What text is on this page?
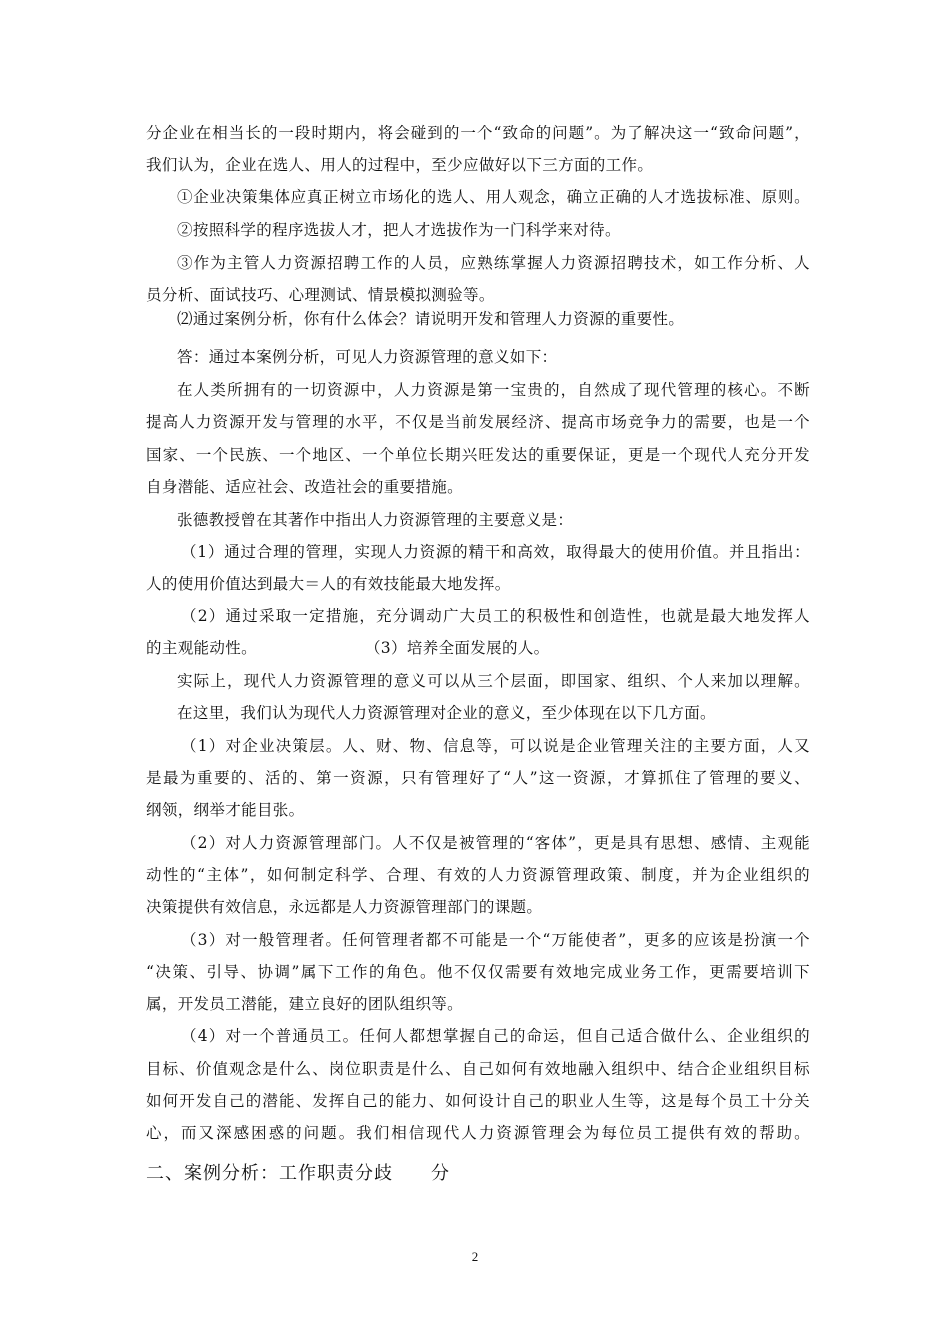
分企业在相当长的一段时期内，将会碰到的一个“致命的问题”。为了解决这一“致命问题”，
我们认为，企业在选人、用人的过程中，至少应做好以下三方面的工作。
①企业决策集体应真正树立市场化的选人、用人观念，确立正确的人才选拔标准、原则。
②按照科学的程序选拔人才，把人才选拔作为一门科学来对待。
③作为主管人力资源招聘工作的人员，应熟练掌握人力资源招聘技术，如工作分析、人
员分析、面试技巧、心理测试、情景模拟测验等。
⑵通过案例分析，你有什么体会？请说明开发和管理人力资源的重要性。
答：通过本案例分析，可见人力资源管理的意义如下：
在人类所拥有的一切资源中，人力资源是第一宝贵的，自然成了现代管理的核心。不断
提高人力资源开发与管理的水平，不仅是当前发展经济、提高市场竞争力的需要，也是一个
国家、一个民族、一个地区、一个单位长期兴旺发达的重要保证，更是一个现代人充分开发
自身潜能、适应社会、改造社会的重要措施。
张德教授曾在其著作中指出人力资源管理的主要意义是：
（1）通过合理的管理，实现人力资源的精干和高效，取得最大的使用价值。并且指出：
人的使用价值达到最大＝人的有效技能最大地发挥。
（2）通过采取一定措施，充分调动广大员工的积极性和创造性，也就是最大地发挥人
的主观能动性。	（3）培养全面发展的人。
实际上，现代人力资源管理的意义可以从三个层面，即国家、组织、个人来加以理解。
在这里，我们认为现代人力资源管理对企业的意义，至少体现在以下几方面。
（1）对企业决策层。人、财、物、信息等，可以说是企业管理关注的主要方面，人又
是最为重要的、活的、第一资源，只有管理好了“人”这一资源，才算抓住了管理的要义、
纲领，纲举才能目张。
（2）对人力资源管理部门。人不仅是被管理的“客体”，更是具有思想、感情、主观能
动性的“主体”，如何制定科学、合理、有效的人力资源管理政策、制度，并为企业组织的
决策提供有效信息，永远都是人力资源管理部门的课题。
（3）对一般管理者。任何管理者都不可能是一个“万能使者”，更多的应该是扮演一个
“决策、引导、协调”属下工作的角色。他不仅仅需要有效地完成业务工作，更需要培训下
属，开发员工潜能，建立良好的团队组织等。
（4）对一个普通员工。任何人都想掌握自己的命运，但自己适合做什么、企业组织的
目标、价值观念是什么、岗位职责是什么、自己如何有效地融入组织中、结合企业组织目标
如何开发自己的潜能、发挥自己的能力、如何设计自己的职业人生等，这是每个员工十分关
心，而又深感困惑的问题。我们相信现代人力资源管理会为每位员工提供有效的帮助。
二、案例分析：工作职责分歧　　分
2
